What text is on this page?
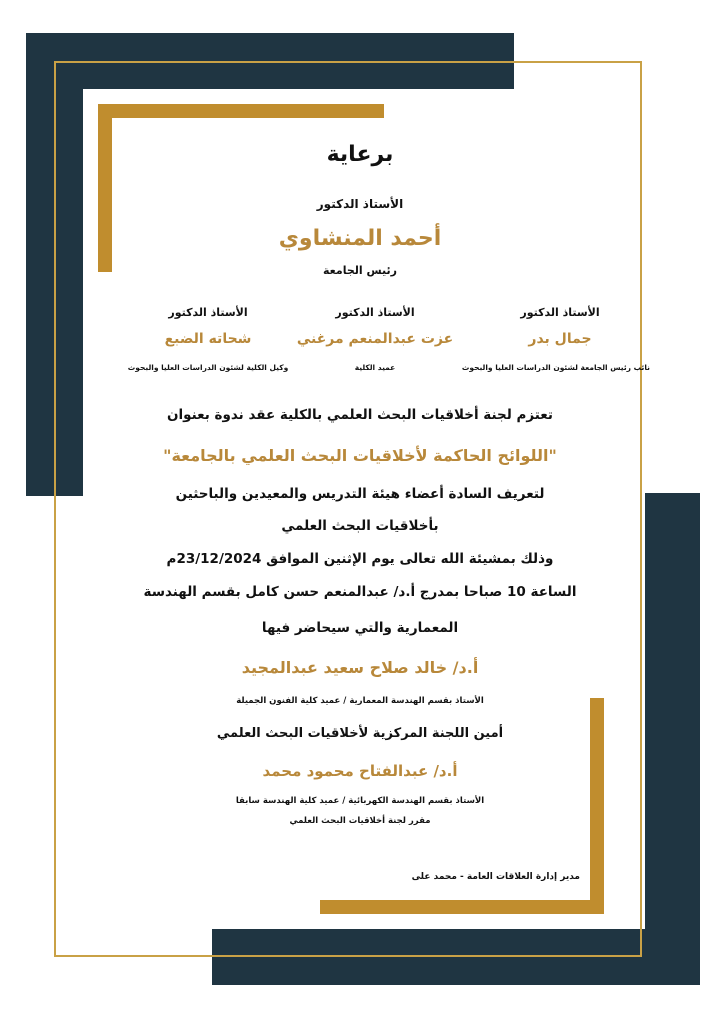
برعاية
الأستاذ الدكتور
أحمد المنشاوي
رئيس الجامعة
الأستاذ الدكتور
جمال بدر
نائب رئيس الجامعة لشئون الدراسات العليا والبحوث
الأستاذ الدكتور
عزت عبدالمنعم مرغني
عميد الكلية
الأستاذ الدكتور
شحاته الضبع
وكيل الكلية لشئون الدراسات العليا والبحوث
تعتزم لجنة أخلاقيات البحث العلمي بالكلية عقد ندوة بعنوان
"اللوائح الحاكمة لأخلاقيات البحث العلمي بالجامعة"
لتعريف السادة أعضاء هيئة التدريس والمعيدين والباحثين
بأخلاقيات البحث العلمي
وذلك بمشيئة الله تعالى يوم الإثنين الموافق 23/12/2024م
الساعة 10 صباحا بمدرج أ.د/ عبدالمنعم حسن كامل بقسم الهندسة
المعمارية والتي سيحاضر فيها
أ.د/ خالد صلاح سعيد عبدالمجيد
الأستاذ بقسم الهندسة المعمارية / عميد كلية الفنون الجميلة
أمين اللجنة المركزية لأخلاقيات البحث العلمي
أ.د/ عبدالفتاح محمود محمد
الأستاذ بقسم الهندسة الكهربائية / عميد كلية الهندسة سابقا
مقرر لجنة أخلاقيات البحث العلمي
مدير إدارة العلاقات العامة - محمد على
